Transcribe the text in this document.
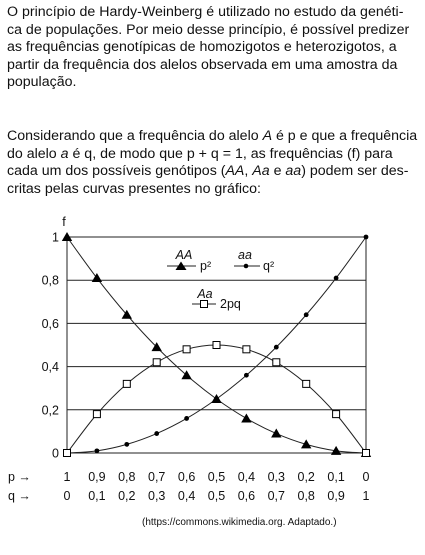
O princípio de Hardy-Weinberg é utilizado no estudo da genéti-
ca de populações. Por meio desse princípio, é possível predizer
as frequências genotípicas de homozigotos e heterozigotos, a
partir da frequência dos alelos observada em uma amostra da
população.

Considerando que a frequência do alelo A é p e que a frequência
do alelo a é q, de modo que p + q = 1, as frequências (f) para
cada um dos possíveis genótipos (AA, Aa e aa) podem ser des-
critas pelas curvas presentes no gráfico:

0
0,2
0,4
0,6
0,8
1
p →
q →
1
0
0,9
0,1
0,8
0,2
0,7
0,3
0,6
0,4
0,5
0,5
0,4
0,6
0,3
0,7
0,2
0,8
0,1
0,9
0
1
f
AA
p²
aa
q²
Aa
2pq
(https://commons.wikimedia.org. Adaptado.)
